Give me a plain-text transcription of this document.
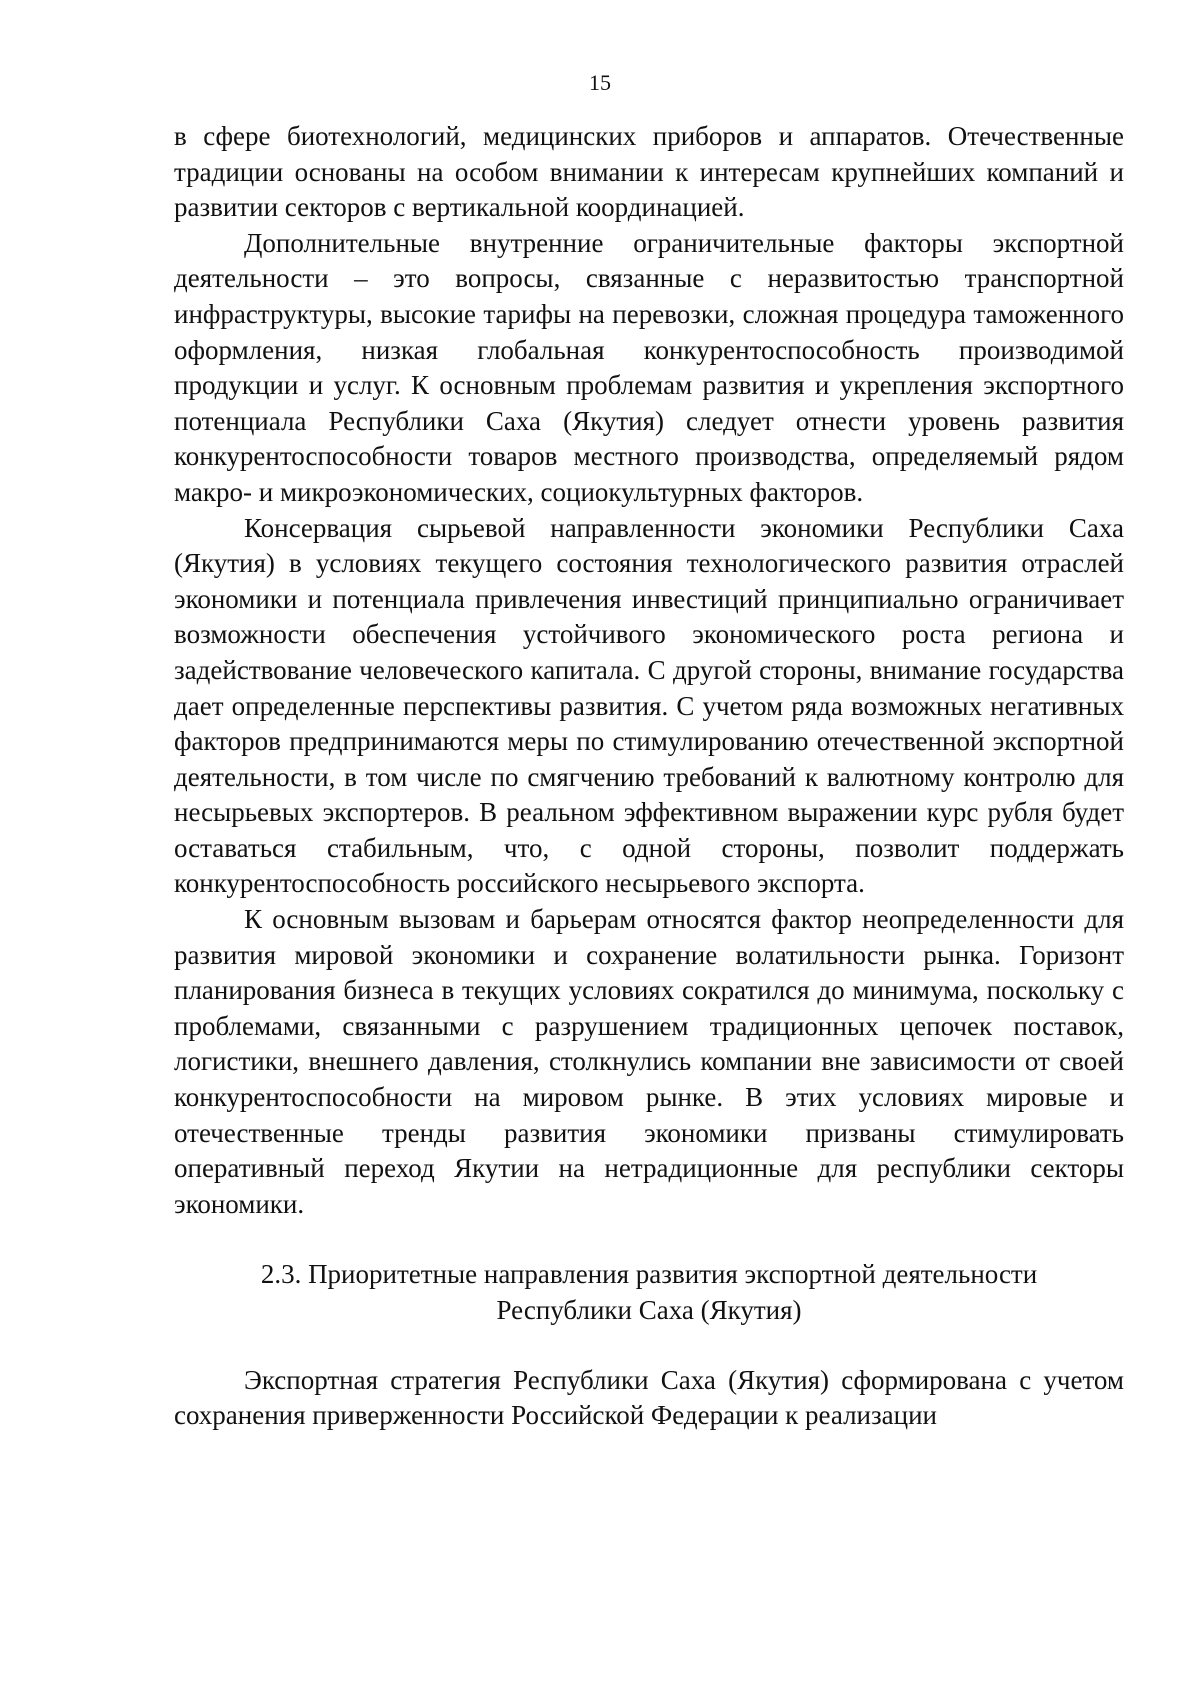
15

в сфере биотехнологий, медицинских приборов и аппаратов. Отечественные традиции основаны на особом внимании к интересам крупнейших компаний и развитии секторов с вертикальной координацией.

Дополнительные внутренние ограничительные факторы экспортной деятельности – это вопросы, связанные с неразвитостью транспортной инфраструктуры, высокие тарифы на перевозки, сложная процедура таможенного оформления, низкая глобальная конкурентоспособность производимой продукции и услуг. К основным проблемам развития и укрепления экспортного потенциала Республики Саха (Якутия) следует отнести уровень развития конкурентоспособности товаров местного производства, определяемый рядом макро- и микроэкономических, социокультурных факторов.

Консервация сырьевой направленности экономики Республики Саха (Якутия) в условиях текущего состояния технологического развития отраслей экономики и потенциала привлечения инвестиций принципиально ограничивает возможности обеспечения устойчивого экономического роста региона и задействование человеческого капитала. С другой стороны, внимание государства дает определенные перспективы развития. С учетом ряда возможных негативных факторов предпринимаются меры по стимулированию отечественной экспортной деятельности, в том числе по смягчению требований к валютному контролю для несырьевых экспортеров. В реальном эффективном выражении курс рубля будет оставаться стабильным, что, с одной стороны, позволит поддержать конкурентоспособность российского несырьевого экспорта.

К основным вызовам и барьерам относятся фактор неопределенности для развития мировой экономики и сохранение волатильности рынка. Горизонт планирования бизнеса в текущих условиях сократился до минимума, поскольку с проблемами, связанными с разрушением традиционных цепочек поставок, логистики, внешнего давления, столкнулись компании вне зависимости от своей конкурентоспособности на мировом рынке. В этих условиях мировые и отечественные тренды развития экономики призваны стимулировать оперативный переход Якутии на нетрадиционные для республики секторы экономики.

2.3. Приоритетные направления развития экспортной деятельности
Республики Саха (Якутия)

Экспортная стратегия Республики Саха (Якутия) сформирована с учетом сохранения приверженности Российской Федерации к реализации
